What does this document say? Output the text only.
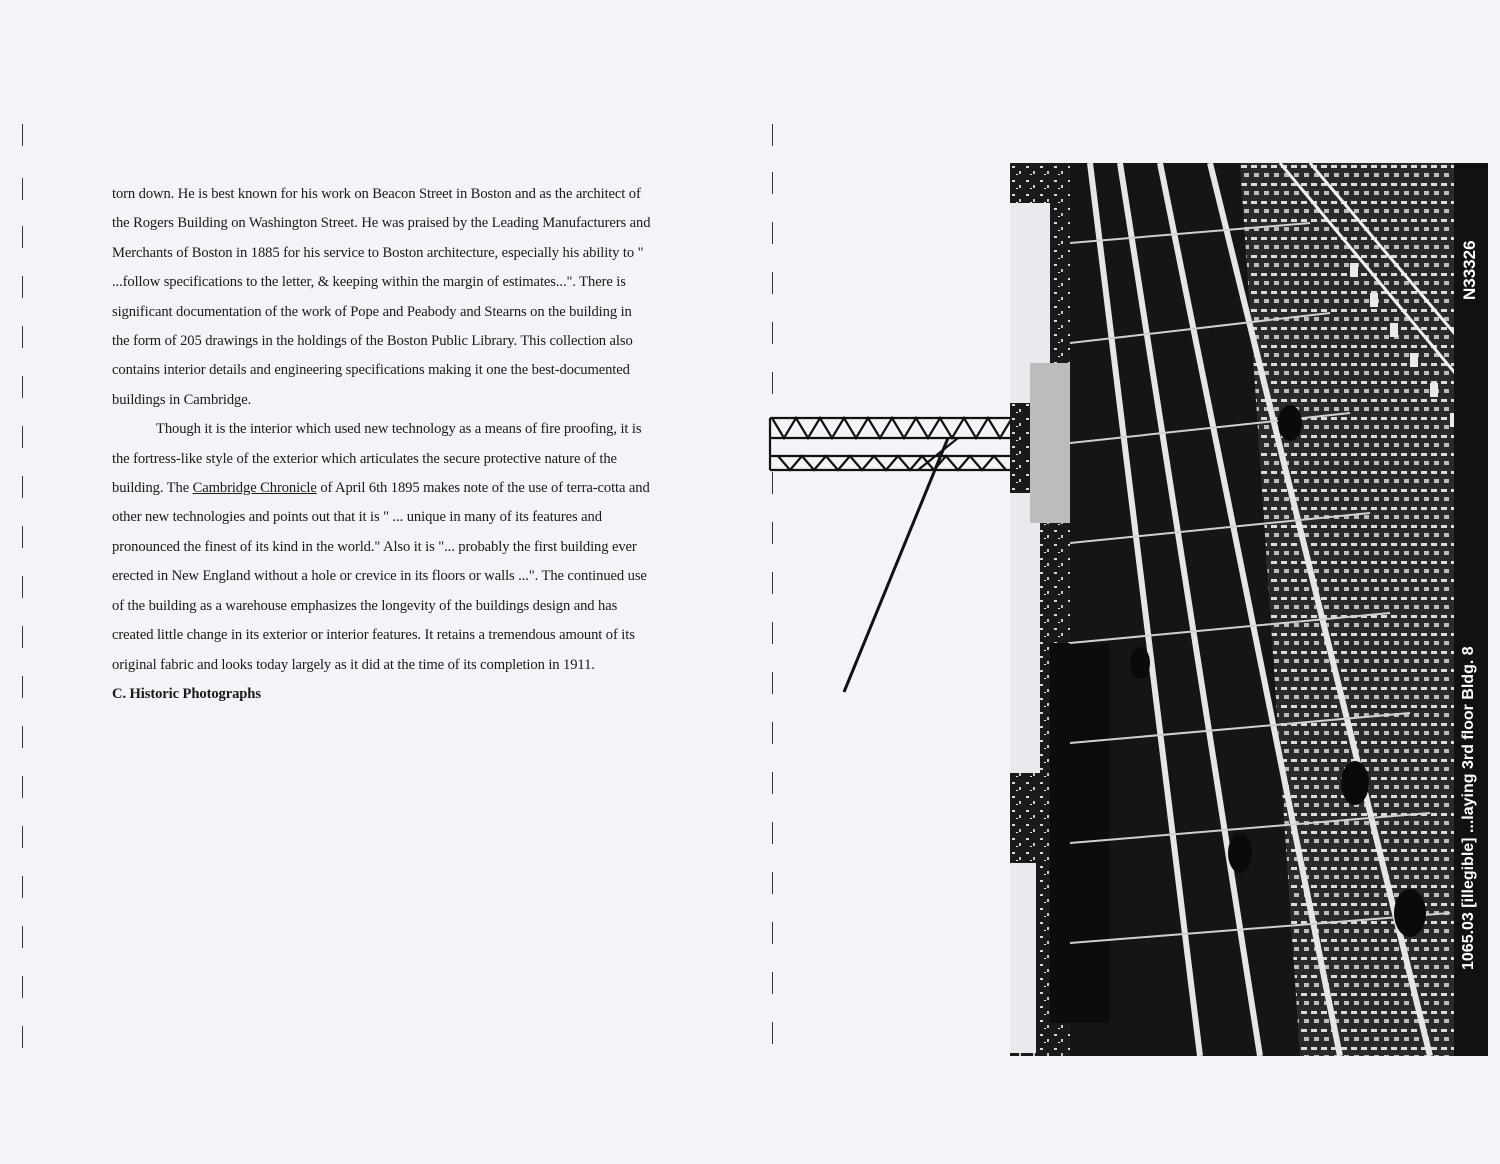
torn down. He is best known for his work on Beacon Street in Boston and as the architect of the Rogers Building on Washington Street. He was praised by the Leading Manufacturers and Merchants of Boston in 1885 for his service to Boston architecture, especially his ability to " ...follow specifications to the letter, & keeping within the margin of estimates...". There is significant documentation of the work of Pope and Peabody and Stearns on the building in the form of 205 drawings in the holdings of the Boston Public Library. This collection also contains interior details and engineering specifications making it one the best-documented buildings in Cambridge.

Though it is the interior which used new technology as a means of fire proofing, it is the fortress-like style of the exterior which articulates the secure protective nature of the building. The Cambridge Chronicle of April 6th 1895 makes note of the use of terra-cotta and other new technologies and points out that it is " ... unique in many of its features and pronounced the finest of its kind in the world." Also it is "... probably the first building ever erected in New England without a hole or crevice in its floors or walls ...". The continued use of the building as a warehouse emphasizes the longevity of the buildings design and has created little change in its exterior or interior features. It retains a tremendous amount of its original fabric and looks today largely as it did at the time of its completion in 1911.

C. Historic Photographs

N33326
1065.03 [illegible] ...laying 3rd floor Bldg. 8
